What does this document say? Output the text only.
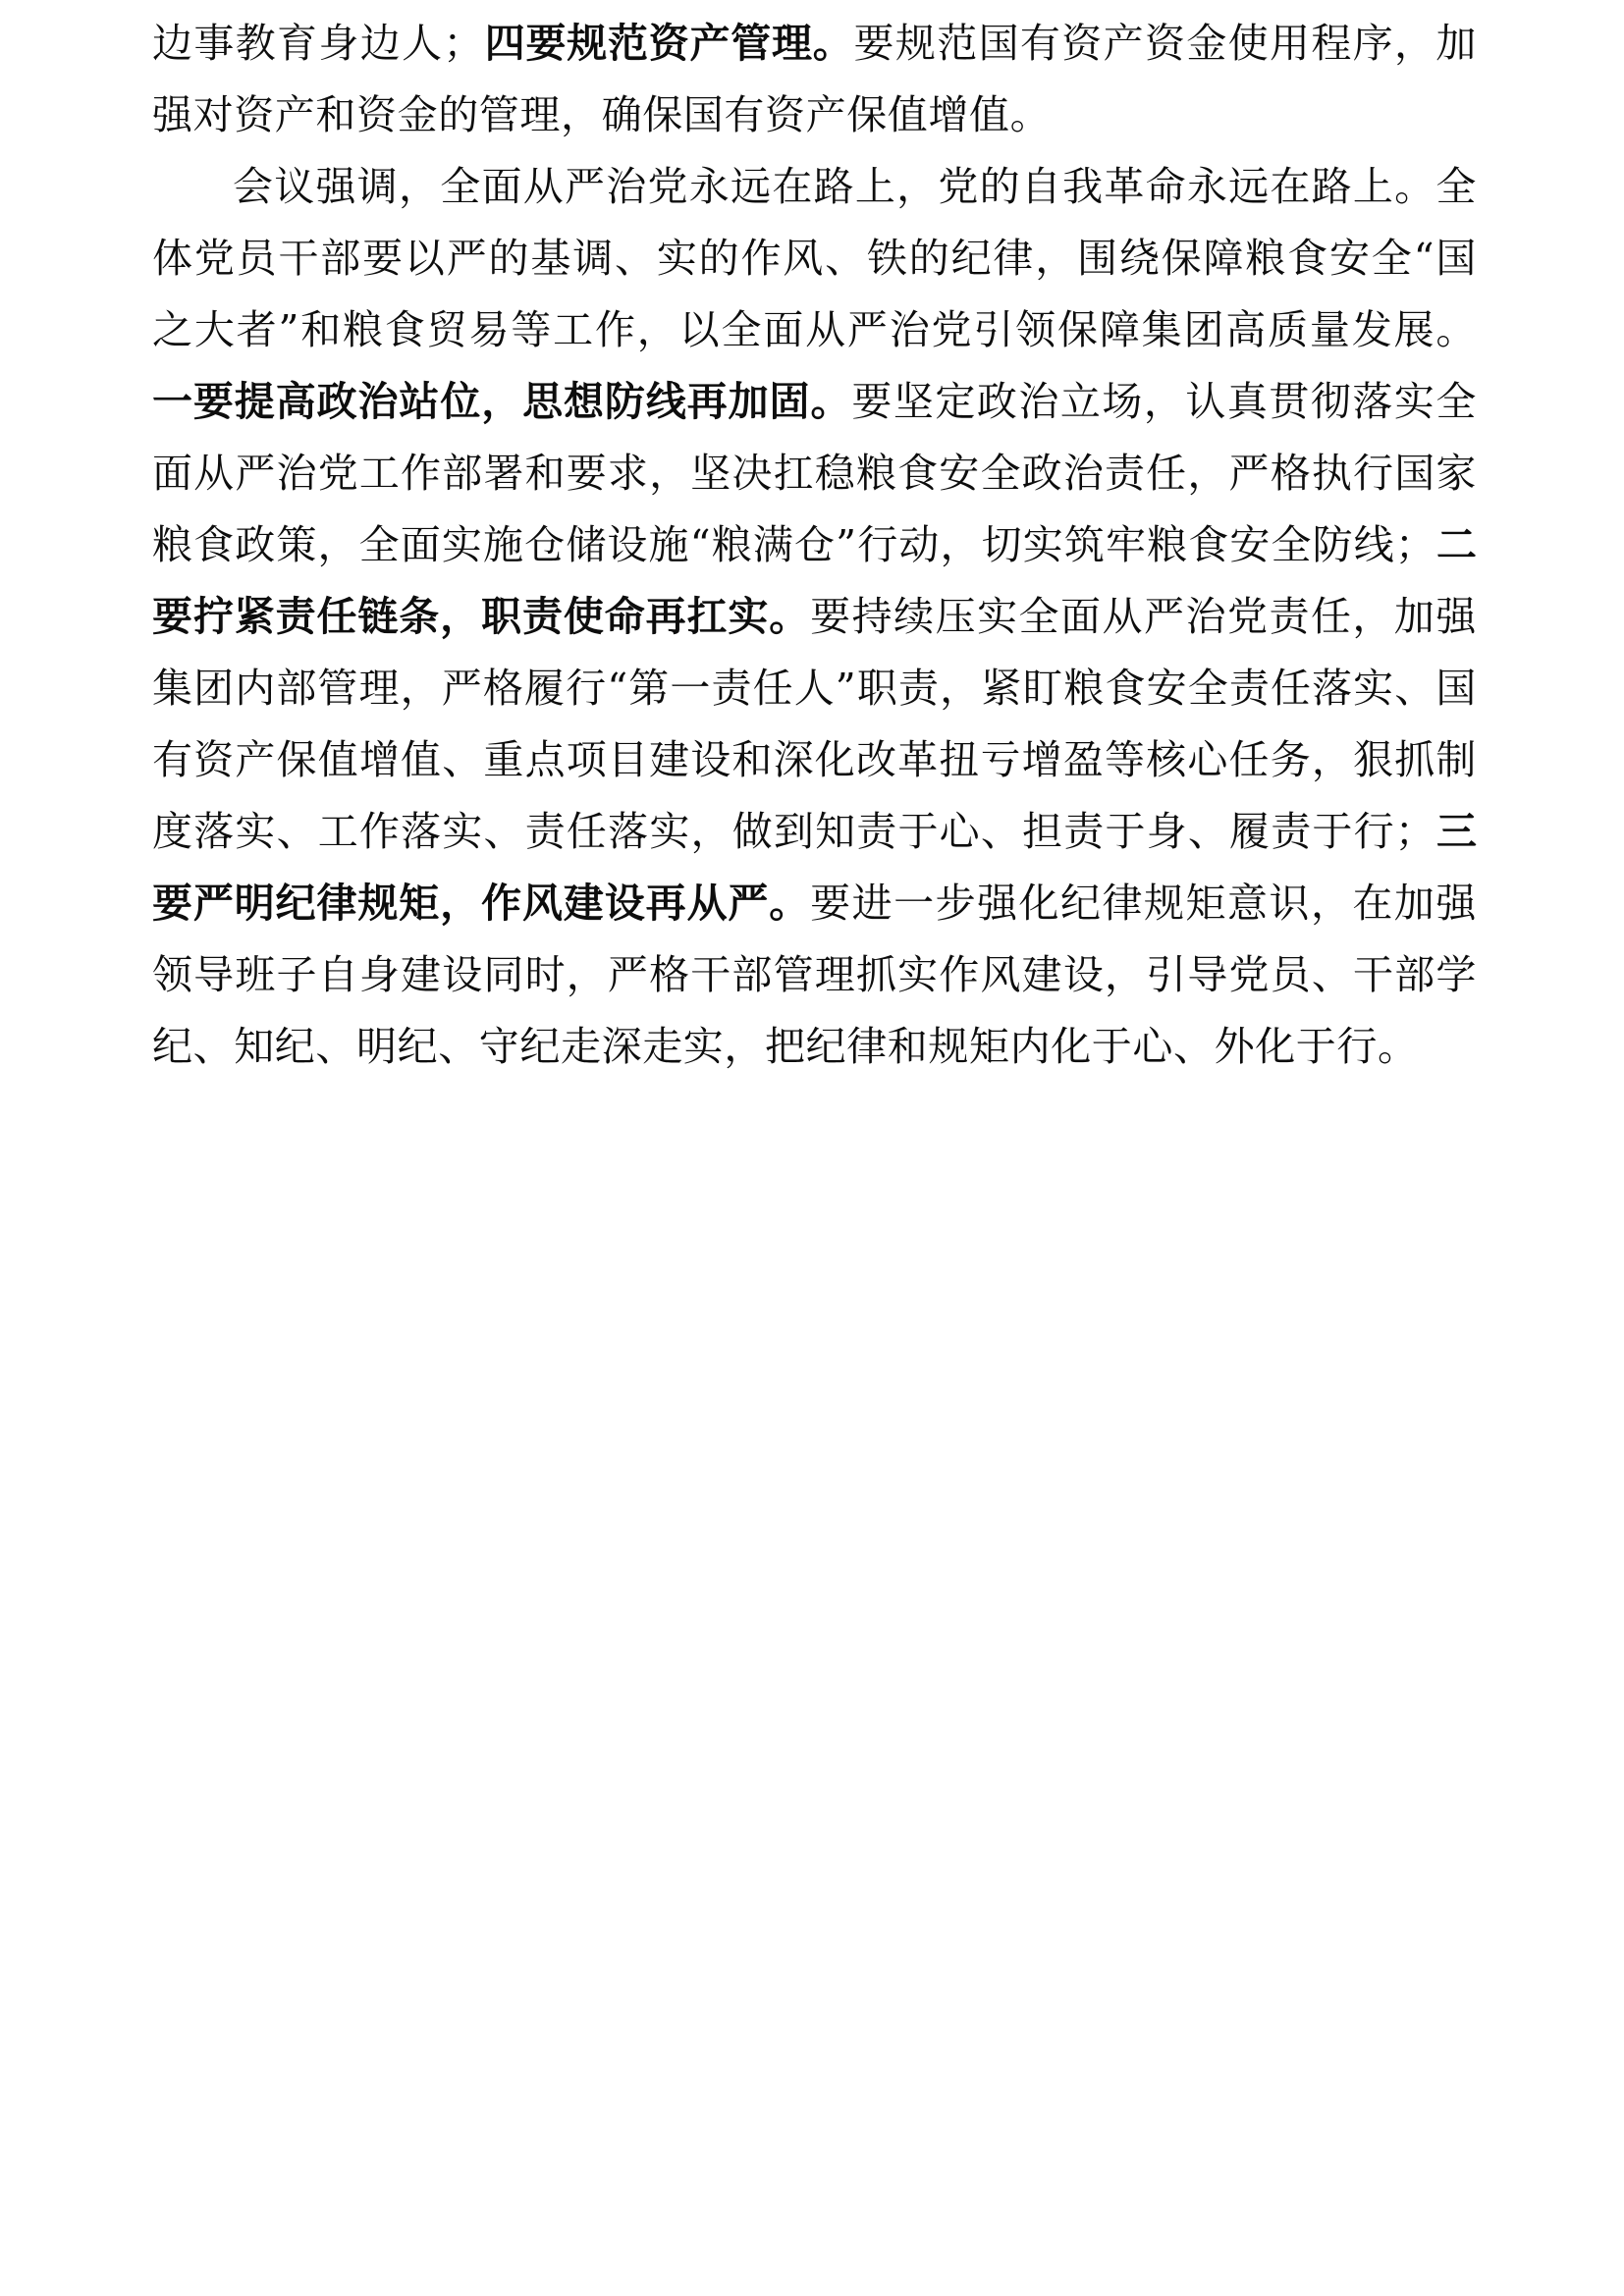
边事教育身边人；四要规范资产管理。要规范国有资产资金使用程序，加强对资产和资金的管理，确保国有资产保值增值。

会议强调，全面从严治党永远在路上，党的自我革命永远在路上。全体党员干部要以严的基调、实的作风、铁的纪律，围绕保障粮食安全“国之大者”和粮食贸易等工作，以全面从严治党引领保障集团高质量发展。一要提高政治站位，思想防线再加固。要坚定政治立场，认真贯彻落实全面从严治党工作部署和要求，坚决扛稳粮食安全政治责任，严格执行国家粮食政策，全面实施仓储设施“粮满仓”行动，切实筑牢粮食安全防线；二要拧紧责任链条，职责使命再扛实。要持续压实全面从严治党责任，加强集团内部管理，严格履行“第一责任人”职责，紧盯粮食安全责任落实、国有资产保值增值、重点项目建设和深化改革扭亏增盈等核心任务，狠抓制度落实、工作落实、责任落实，做到知责于心、担责于身、履责于行；三要严明纪律规矩，作风建设再从严。要进一步强化纪律规矩意识，在加强领导班子自身建设同时，严格干部管理抓实作风建设，引导党员、干部学纪、知纪、明纪、守纪走深走实，把纪律和规矩内化于心、外化于行。
